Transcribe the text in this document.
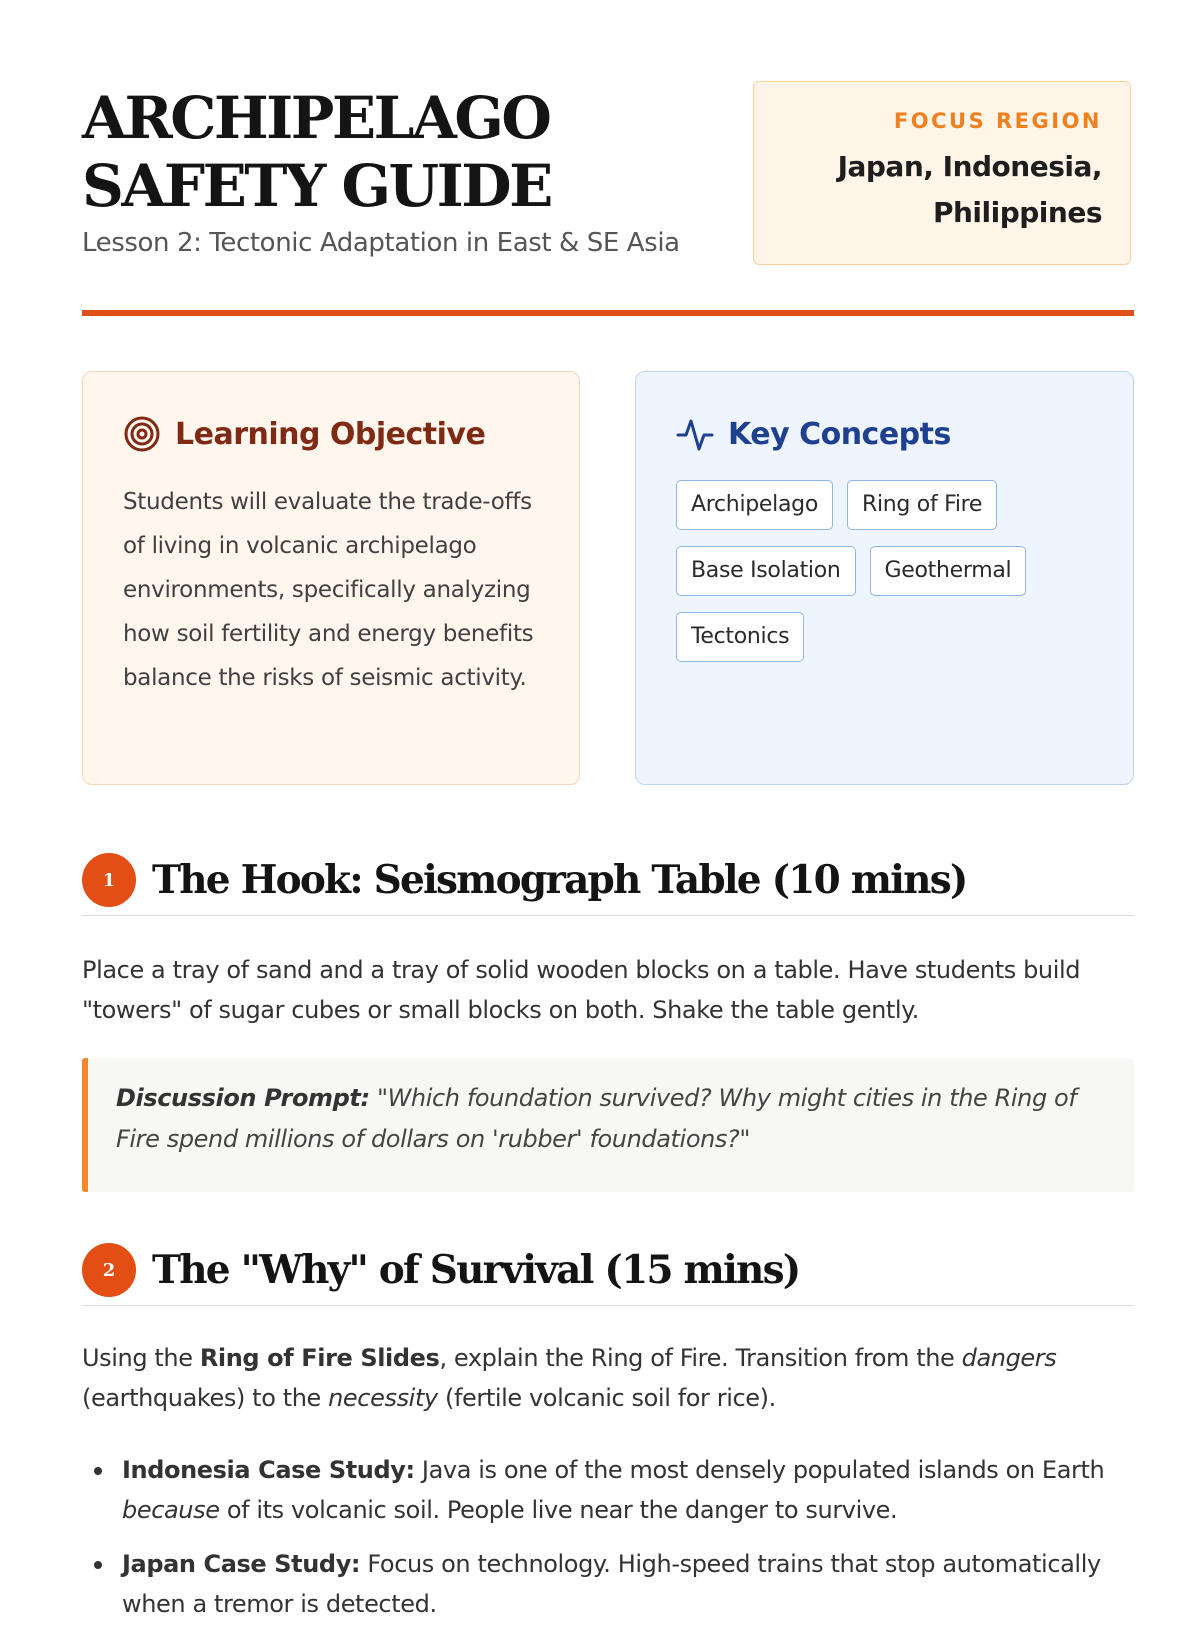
ARCHIPELAGO SAFETY GUIDE

Lesson 2: Tectonic Adaptation in East & SE Asia

FOCUS REGION
Japan, Indonesia,
Philippines
Learning Objective

Students will evaluate the trade-offs of living in volcanic archipelago environments, specifically analyzing how soil fertility and energy benefits balance the risks of seismic activity.

Key Concepts
Archipelago	Ring of Fire
Base Isolation	Geothermal
Tectonics
1 The Hook: Seismograph Table (10 mins)

Place a tray of sand and a tray of solid wooden blocks on a table. Have students build "towers" of sugar cubes or small blocks on both. Shake the table gently.

Discussion Prompt: "Which foundation survived? Why might cities in the Ring of Fire spend millions of dollars on 'rubber' foundations?"
2 The "Why" of Survival (15 mins)

Using the Ring of Fire Slides, explain the Ring of Fire. Transition from the dangers (earthquakes) to the necessity (fertile volcanic soil for rice).

Indonesia Case Study: Java is one of the most densely populated islands on Earth because of its volcanic soil. People live near the danger to survive.
Japan Case Study: Focus on technology. High-speed trains that stop automatically when a tremor is detected.
